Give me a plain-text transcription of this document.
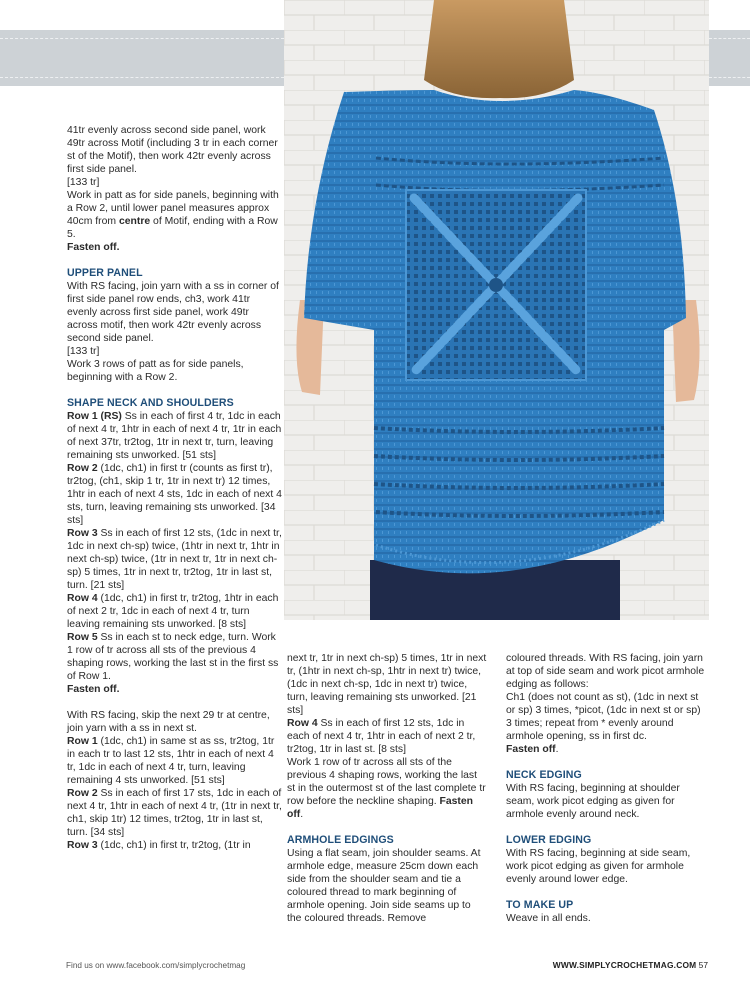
41tr evenly across second side panel, work 49tr across Motif (including 3 tr in each corner st of the Motif), then work 42tr evenly across first side panel.

[133 tr]

Work in patt as for side panels, beginning with a Row 2, until lower panel measures approx 40cm from centre of Motif, ending with a Row 5.

Fasten off.

UPPER PANEL

With RS facing, join yarn with a ss in corner of first side panel row ends, ch3, work 41tr evenly across first side panel, work 49tr across motif, then work 42tr evenly across second side panel.

[133 tr]

Work 3 rows of patt as for side panels, beginning with a Row 2.

SHAPE NECK AND SHOULDERS

Row 1 (RS) Ss in each of first 4 tr, 1dc in each of next 4 tr, 1htr in each of next 4 tr, 1tr in each of next 37tr, tr2tog, 1tr in next tr, turn, leaving remaining sts unworked. [51 sts]

Row 2 (1dc, ch1) in first tr (counts as first tr), tr2tog, (ch1, skip 1 tr, 1tr in next tr) 12 times, 1htr in each of next 4 sts, 1dc in each of next 4 sts, turn, leaving remaining sts unworked. [34 sts]

Row 3 Ss in each of first 12 sts, (1dc in next tr, 1dc in next ch-sp) twice, (1htr in next tr, 1htr in next ch-sp) twice, (1tr in next tr, 1tr in next ch-sp) 5 times, 1tr in next tr, tr2tog, 1tr in last st, turn. [21 sts]

Row 4 (1dc, ch1) in first tr, tr2tog, 1htr in each of next 2 tr, 1dc in each of next 4 tr, turn leaving remaining sts unworked. [8 sts]

Row 5 Ss in each st to neck edge, turn. Work 1 row of tr across all sts of the previous 4 shaping rows, working the last st in the first ss of Row 1.

Fasten off.

With RS facing, skip the next 29 tr at centre, join yarn with a ss in next st.

Row 1 (1dc, ch1) in same st as ss, tr2tog, 1tr in each tr to last 12 sts, 1htr in each of next 4 tr, 1dc in each of next 4 tr, turn, leaving remaining 4 sts unworked. [51 sts]

Row 2 Ss in each of first 17 sts, 1dc in each of next 4 tr, 1htr in each of next 4 tr, (1tr in next tr, ch1, skip 1tr) 12 times, tr2tog, 1tr in last st, turn. [34 sts]

Row 3 (1dc, ch1) in first tr, tr2tog, (1tr in

next tr, 1tr in next ch-sp) 5 times, 1tr in next tr, (1htr in next ch-sp, 1htr in next tr) twice, (1dc in next ch-sp, 1dc in next tr) twice, turn, leaving remaining sts unworked. [21 sts]

Row 4 Ss in each of first 12 sts, 1dc in each of next 4 tr, 1htr in each of next 2 tr, tr2tog, 1tr in last st. [8 sts]

Work 1 row of tr across all sts of the previous 4 shaping rows, working the last st in the outermost st of the last complete tr row before the neckline shaping. Fasten off.

ARMHOLE EDGINGS

Using a flat seam, join shoulder seams. At armhole edge, measure 25cm down each side from the shoulder seam and tie a coloured thread to mark beginning of armhole opening. Join side seams up to the coloured threads. Remove

coloured threads. With RS facing, join yarn at top of side seam and work picot armhole edging as follows:

Ch1 (does not count as st), (1dc in next st or sp) 3 times, *picot, (1dc in next st or sp) 3 times; repeat from * evenly around armhole opening, ss in first dc.

Fasten off.

NECK EDGING

With RS facing, beginning at shoulder seam, work picot edging as given for armhole evenly around neck.

LOWER EDGING

With RS facing, beginning at side seam, work picot edging as given for armhole evenly around lower edge.

TO MAKE UP

Weave in all ends.

Find us on www.facebook.com/simplycrochetmag	WWW.SIMPLYCROCHETMAG.COM 57
